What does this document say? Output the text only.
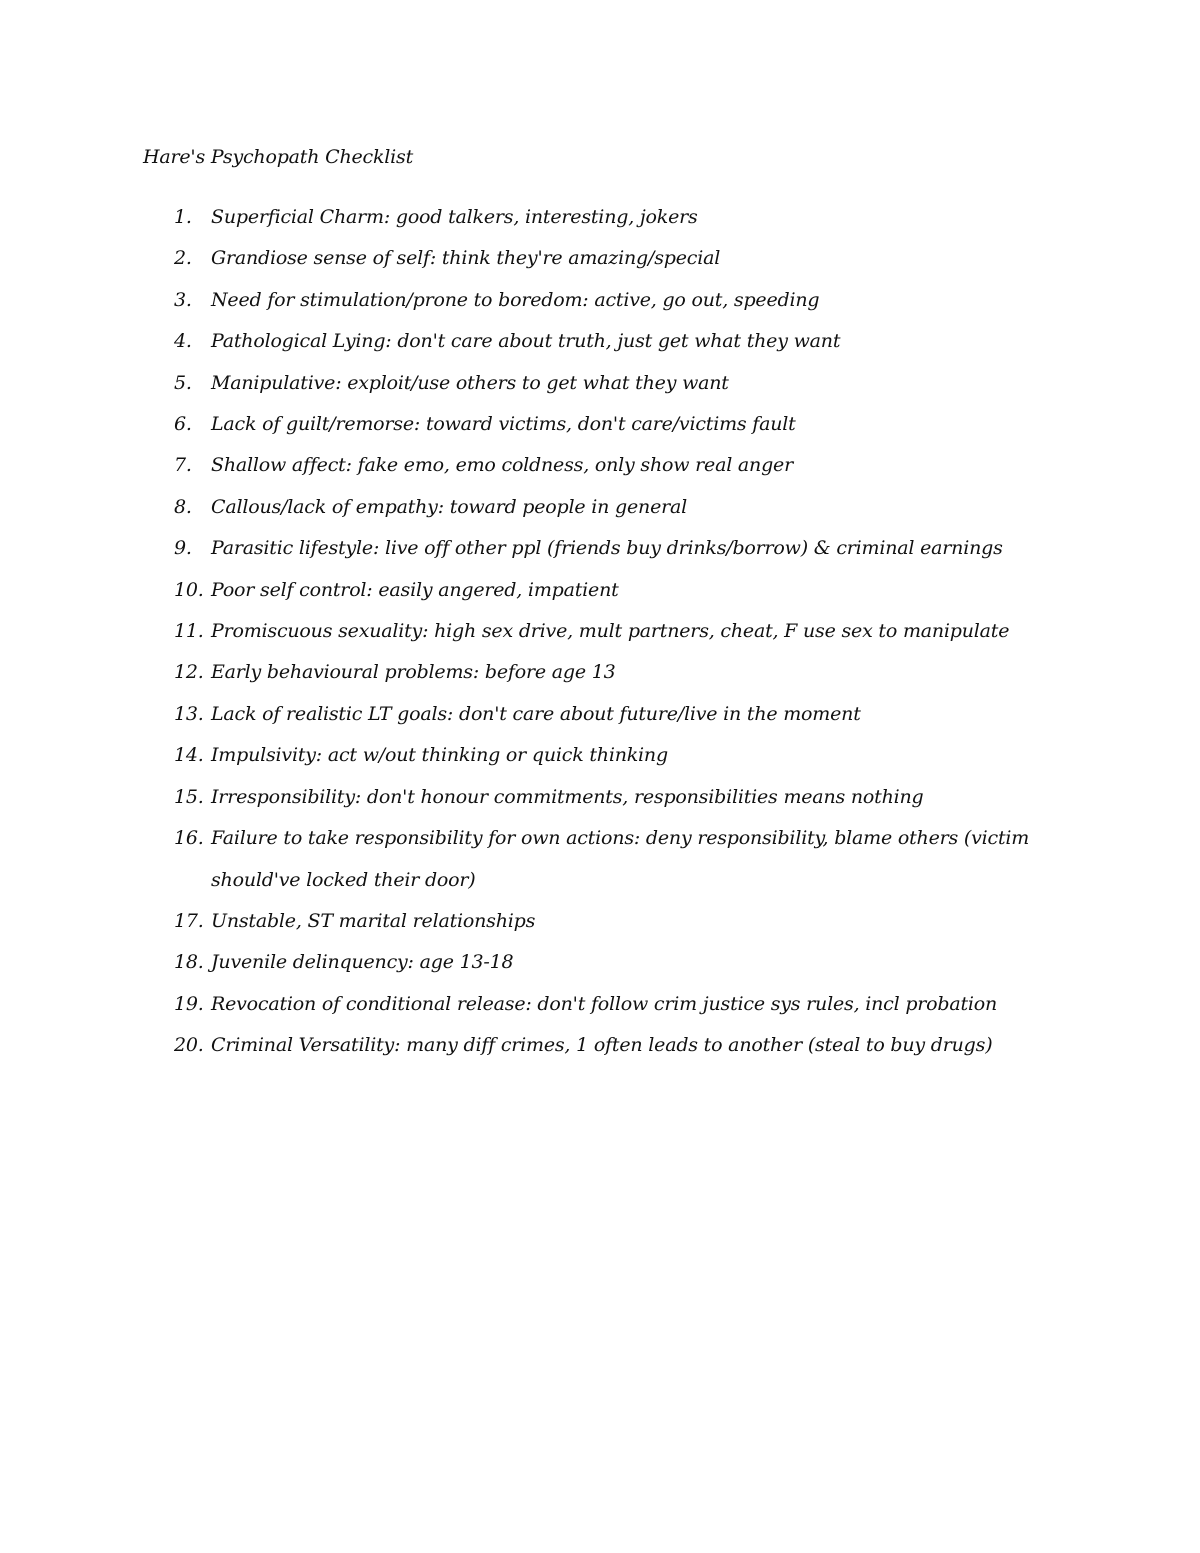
Hare's Psychopath Checklist
1.	Superficial Charm: good talkers, interesting, jokers
2.	Grandiose sense of self: think they're amazing/special
3.	Need for stimulation/prone to boredom: active, go out, speeding
4.	Pathological Lying: don't care about truth, just get what they want
5.	Manipulative: exploit/use others to get what they want
6.	Lack of guilt/remorse: toward victims, don't care/victims fault
7.	Shallow affect: fake emo, emo coldness, only show real anger
8.	Callous/lack of empathy: toward people in general
9.	Parasitic lifestyle: live off other ppl (friends buy drinks/borrow) & criminal earnings
10. Poor self control: easily angered, impatient
11. Promiscuous sexuality: high sex drive, mult partners, cheat, F use sex to manipulate
12. Early behavioural problems: before age 13
13. Lack of realistic LT goals: don't care about future/live in the moment
14. Impulsivity: act w/out thinking or quick thinking
15. Irresponsibility: don't honour commitments, responsibilities means nothing
16. Failure to take responsibility for own actions: deny responsibility, blame others (victim should've locked their door)
17. Unstable, ST marital relationships
18. Juvenile delinquency: age 13-18
19. Revocation of conditional release: don't follow crim justice sys rules, incl probation
20. Criminal Versatility: many diff crimes, 1 often leads to another (steal to buy drugs)
